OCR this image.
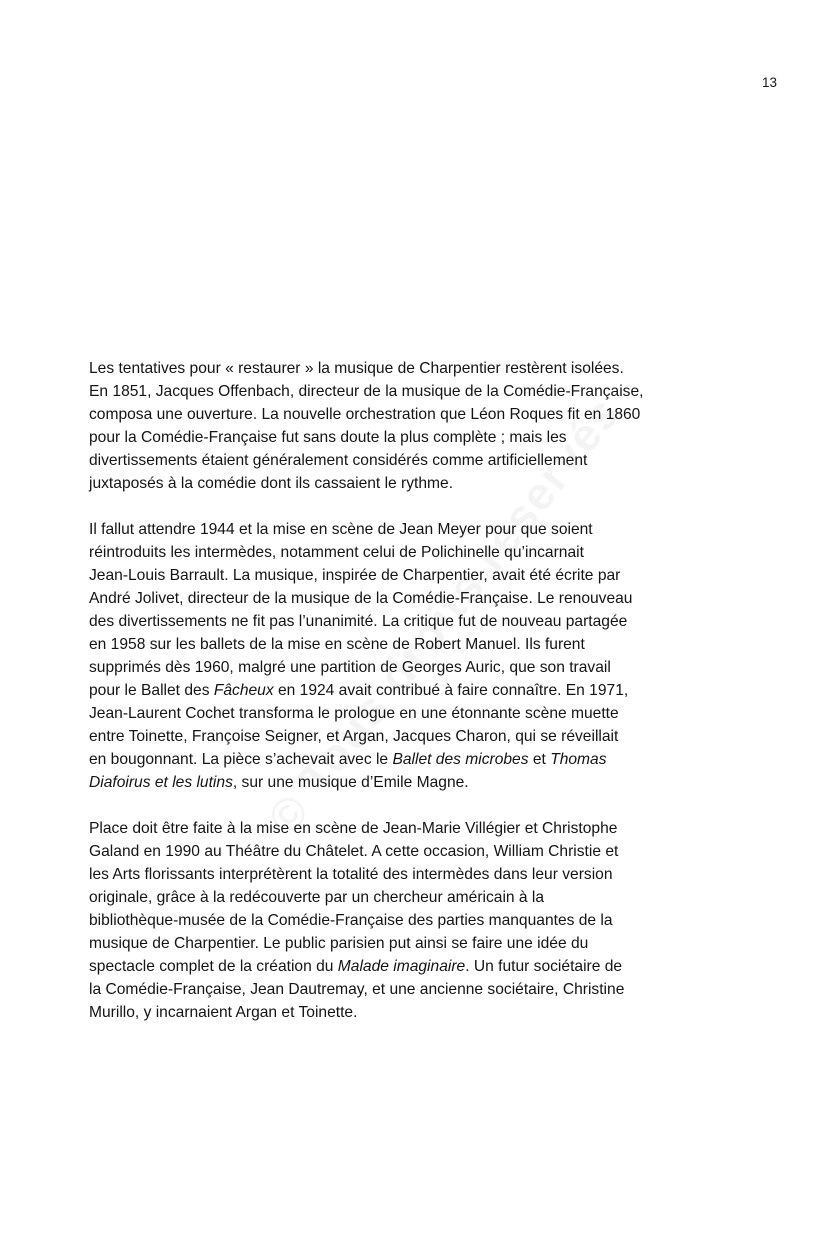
13

Les tentatives pour « restaurer » la musique de Charpentier restèrent isolées.
En 1851, Jacques Offenbach, directeur de la musique de la Comédie-Française,
composa une ouverture. La nouvelle orchestration que Léon Roques fit en 1860
pour la Comédie-Française fut sans doute la plus complète ; mais les
divertissements étaient généralement considérés comme artificiellement
juxtaposés à la comédie dont ils cassaient le rythme.

Il fallut attendre 1944 et la mise en scène de Jean Meyer pour que soient
réintroduits les intermèdes, notamment celui de Polichinelle qu’incarnait
Jean-Louis Barrault. La musique, inspirée de Charpentier, avait été écrite par
André Jolivet, directeur de la musique de la Comédie-Française. Le renouveau
des divertissements ne fit pas l’unanimité. La critique fut de nouveau partagée
en 1958 sur les ballets de la mise en scène de Robert Manuel. Ils furent
supprimés dès 1960, malgré une partition de Georges Auric, que son travail
pour le Ballet des Fâcheux en 1924 avait contribué à faire connaître. En 1971,
Jean-Laurent Cochet transforma le prologue en une étonnante scène muette
entre Toinette, Françoise Seigner, et Argan, Jacques Charon, qui se réveillait
en bougonnant. La pièce s’achevait avec le Ballet des microbes et Thomas
Diafoirus et les lutins, sur une musique d’Emile Magne.

Place doit être faite à la mise en scène de Jean-Marie Villégier et Christophe
Galand en 1990 au Théâtre du Châtelet. A cette occasion, William Christie et
les Arts florissants interprétèrent la totalité des intermèdes dans leur version
originale, grâce à la redécouverte par un chercheur américain à la
bibliothèque-musée de la Comédie-Française des parties manquantes de la
musique de Charpentier. Le public parisien put ainsi se faire une idée du
spectacle complet de la création du Malade imaginaire. Un futur sociétaire de
la Comédie-Française, Jean Dautremay, et une ancienne sociétaire, Christine
Murillo, y incarnaient Argan et Toinette.
